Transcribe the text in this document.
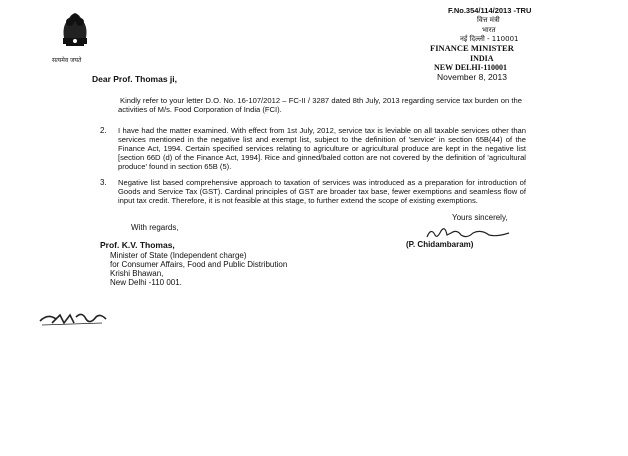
सत्यमेव जयते
F.No.354/114/2013 -TRU
वित्त मंत्री
भारत
नई दिल्ली - 110001
FINANCE MINISTER
INDIA
NEW DELHI-110001
November 8, 2013
Dear Prof. Thomas ji,
Kindly refer to your letter D.O. No. 16-107/2012 – FC-II / 3287 dated 8th July, 2013 regarding service tax burden on the activities of M/s. Food Corporation of India (FCI).
2. I have had the matter examined. With effect from 1st July, 2012, service tax is leviable on all taxable services other than services mentioned in the negative list and exempt list, subject to the definition of 'service' in section 65B(44) of the Finance Act, 1994. Certain specified services relating to agriculture or agricultural produce are kept in the negative list [section 66D (d) of the Finance Act, 1994]. Rice and ginned/baled cotton are not covered by the definition of 'agricultural produce' found in section 65B (5).
3. Negative list based comprehensive approach to taxation of services was introduced as a preparation for introduction of Goods and Service Tax (GST). Cardinal principles of GST are broader tax base, fewer exemptions and seamless flow of input tax credit. Therefore, it is not feasible at this stage, to further extend the scope of existing exemptions.
With regards,
Yours sincerely,
(P. Chidambaram)
Prof. K.V. Thomas,
Minister of State (Independent charge)
for Consumer Affairs, Food and Public Distribution
Krishi Bhawan,
New Delhi -110 001.
